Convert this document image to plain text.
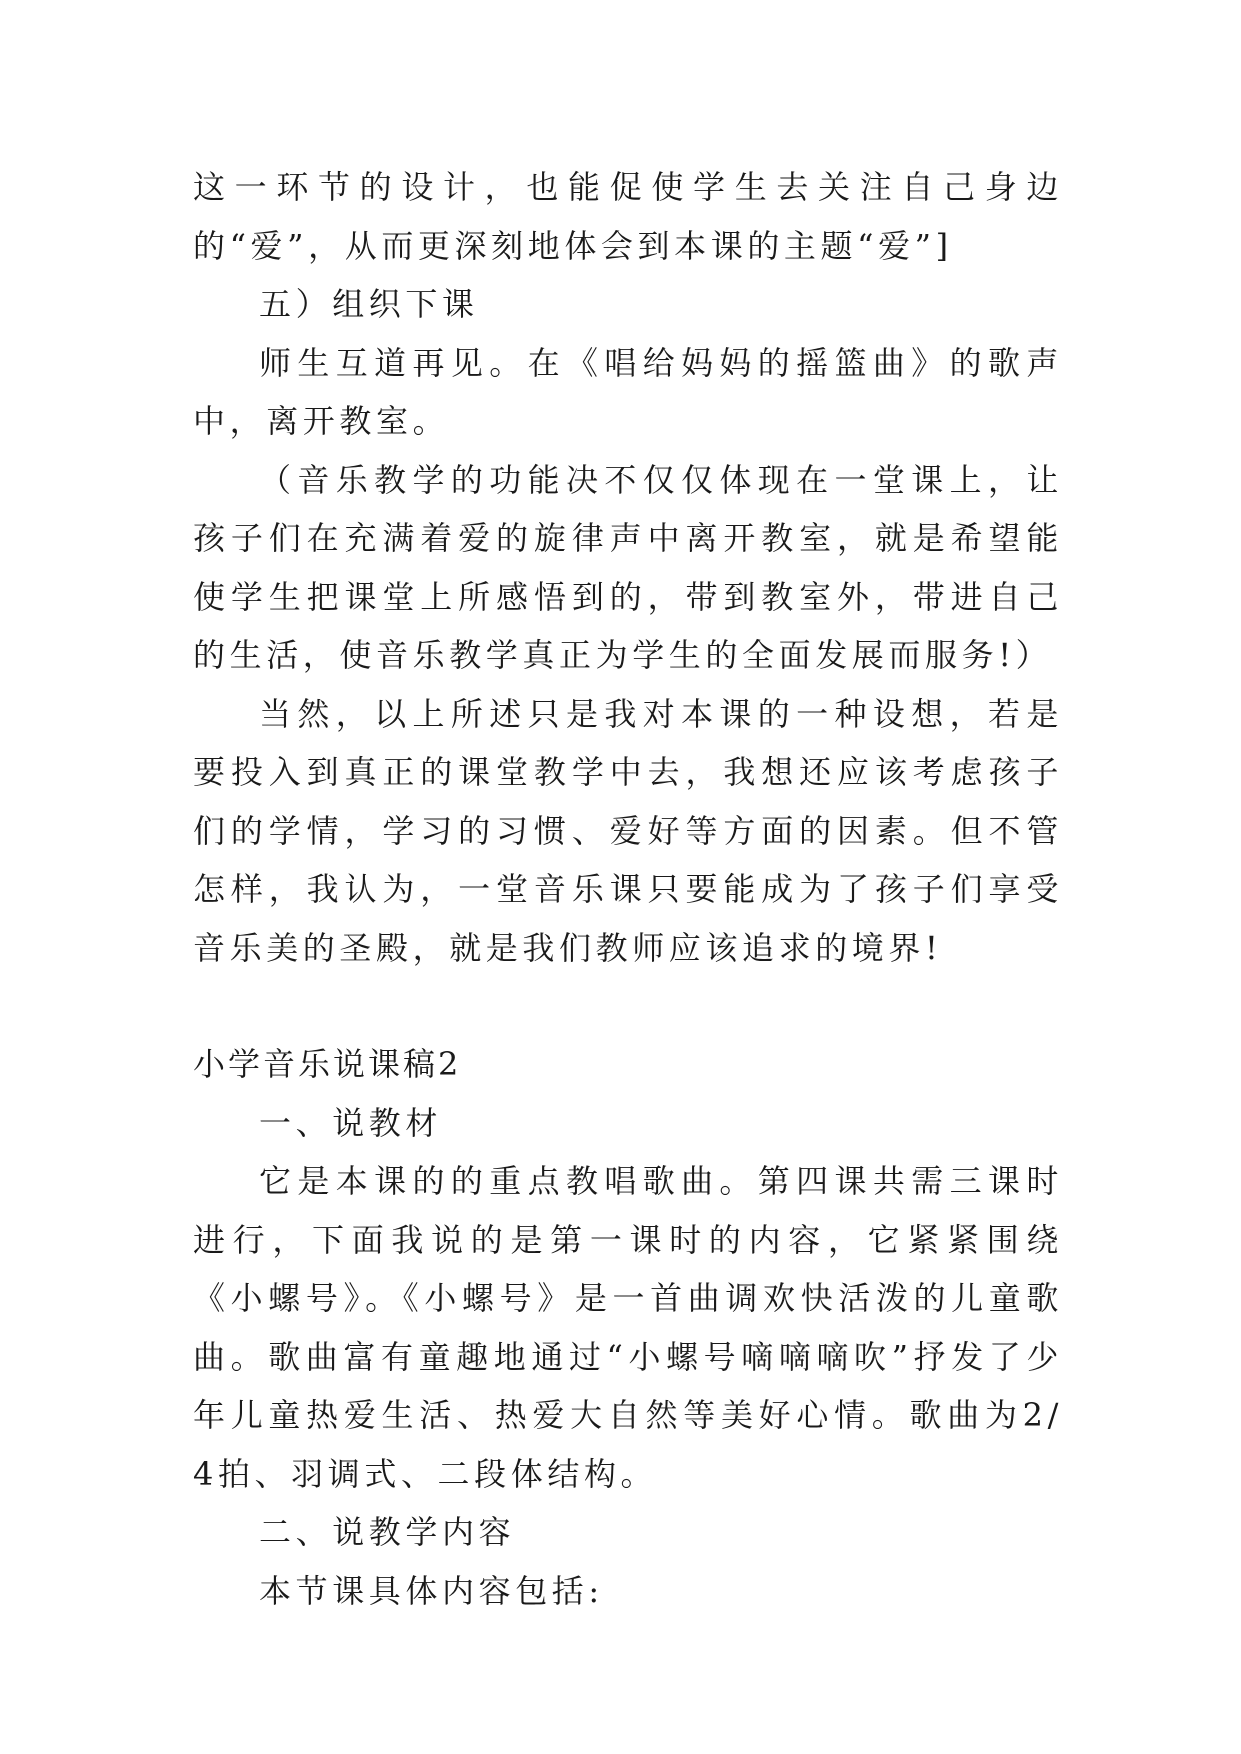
这一环节的设计，也能促使学生去关注自己身边的“爱”，从而更深刻地体会到本课的主题“爱”]

五）组织下课

师生互道再见。在《唱给妈妈的摇篮曲》的歌声中，离开教室。

（音乐教学的功能决不仅仅体现在一堂课上，让孩子们在充满着爱的旋律声中离开教室，就是希望能使学生把课堂上所感悟到的，带到教室外，带进自己的生活，使音乐教学真正为学生的全面发展而服务!）

当然，以上所述只是我对本课的一种设想，若是要投入到真正的课堂教学中去，我想还应该考虑孩子们的学情，学习的习惯、爱好等方面的因素。但不管怎样，我认为，一堂音乐课只要能成为了孩子们享受音乐美的圣殿，就是我们教师应该追求的境界!

小学音乐说课稿2

一、说教材

它是本课的的重点教唱歌曲。第四课共需三课时进行，下面我说的是第一课时的内容，它紧紧围绕《小螺号》。《小螺号》是一首曲调欢快活泼的儿童歌曲。歌曲富有童趣地通过“小螺号嘀嘀嘀吹”抒发了少年儿童热爱生活、热爱大自然等美好心情。歌曲为2/4拍、羽调式、二段体结构。

二、说教学内容

本节课具体内容包括:
